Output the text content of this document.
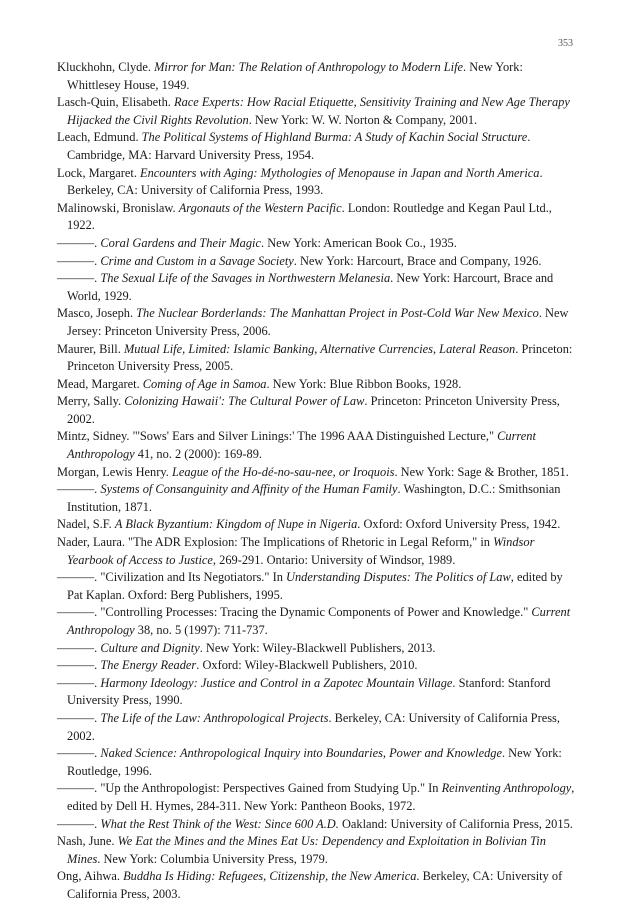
353
Kluckhohn, Clyde. Mirror for Man: The Relation of Anthropology to Modern Life. New York: Whittlesey House, 1949.
Lasch-Quin, Elisabeth. Race Experts: How Racial Etiquette, Sensitivity Training and New Age Therapy Hijacked the Civil Rights Revolution. New York: W. W. Norton & Company, 2001.
Leach, Edmund. The Political Systems of Highland Burma: A Study of Kachin Social Structure. Cambridge, MA: Harvard University Press, 1954.
Lock, Margaret. Encounters with Aging: Mythologies of Menopause in Japan and North America. Berkeley, CA: University of California Press, 1993.
Malinowski, Bronislaw. Argonauts of the Western Pacific. London: Routledge and Kegan Paul Ltd., 1922.
———. Coral Gardens and Their Magic. New York: American Book Co., 1935.
———. Crime and Custom in a Savage Society. New York: Harcourt, Brace and Company, 1926.
———. The Sexual Life of the Savages in Northwestern Melanesia. New York: Harcourt, Brace and World, 1929.
Masco, Joseph. The Nuclear Borderlands: The Manhattan Project in Post-Cold War New Mexico. New Jersey: Princeton University Press, 2006.
Maurer, Bill. Mutual Life, Limited: Islamic Banking, Alternative Currencies, Lateral Reason. Princeton: Princeton University Press, 2005.
Mead, Margaret. Coming of Age in Samoa. New York: Blue Ribbon Books, 1928.
Merry, Sally. Colonizing Hawaii': The Cultural Power of Law. Princeton: Princeton University Press, 2002.
Mintz, Sidney. "'Sows' Ears and Silver Linings:' The 1996 AAA Distinguished Lecture," Current Anthropology 41, no. 2 (2000): 169-89.
Morgan, Lewis Henry. League of the Ho-dé-no-sau-nee, or Iroquois. New York: Sage & Brother, 1851.
———. Systems of Consanguinity and Affinity of the Human Family. Washington, D.C.: Smithsonian Institution, 1871.
Nadel, S.F. A Black Byzantium: Kingdom of Nupe in Nigeria. Oxford: Oxford University Press, 1942.
Nader, Laura. "The ADR Explosion: The Implications of Rhetoric in Legal Reform," in Windsor Yearbook of Access to Justice, 269-291. Ontario: University of Windsor, 1989.
———. "Civilization and Its Negotiators." In Understanding Disputes: The Politics of Law, edited by Pat Kaplan. Oxford: Berg Publishers, 1995.
———. "Controlling Processes: Tracing the Dynamic Components of Power and Knowledge." Current Anthropology 38, no. 5 (1997): 711-737.
———. Culture and Dignity. New York: Wiley-Blackwell Publishers, 2013.
———. The Energy Reader. Oxford: Wiley-Blackwell Publishers, 2010.
———. Harmony Ideology: Justice and Control in a Zapotec Mountain Village. Stanford: Stanford University Press, 1990.
———. The Life of the Law: Anthropological Projects. Berkeley, CA: University of California Press, 2002.
———. Naked Science: Anthropological Inquiry into Boundaries, Power and Knowledge. New York: Routledge, 1996.
———. "Up the Anthropologist: Perspectives Gained from Studying Up." In Reinventing Anthropology, edited by Dell H. Hymes, 284-311. New York: Pantheon Books, 1972.
———. What the Rest Think of the West: Since 600 A.D. Oakland: University of California Press, 2015.
Nash, June. We Eat the Mines and the Mines Eat Us: Dependency and Exploitation in Bolivian Tin Mines. New York: Columbia University Press, 1979.
Ong, Aihwa. Buddha Is Hiding: Refugees, Citizenship, the New America. Berkeley, CA: University of California Press, 2003.
